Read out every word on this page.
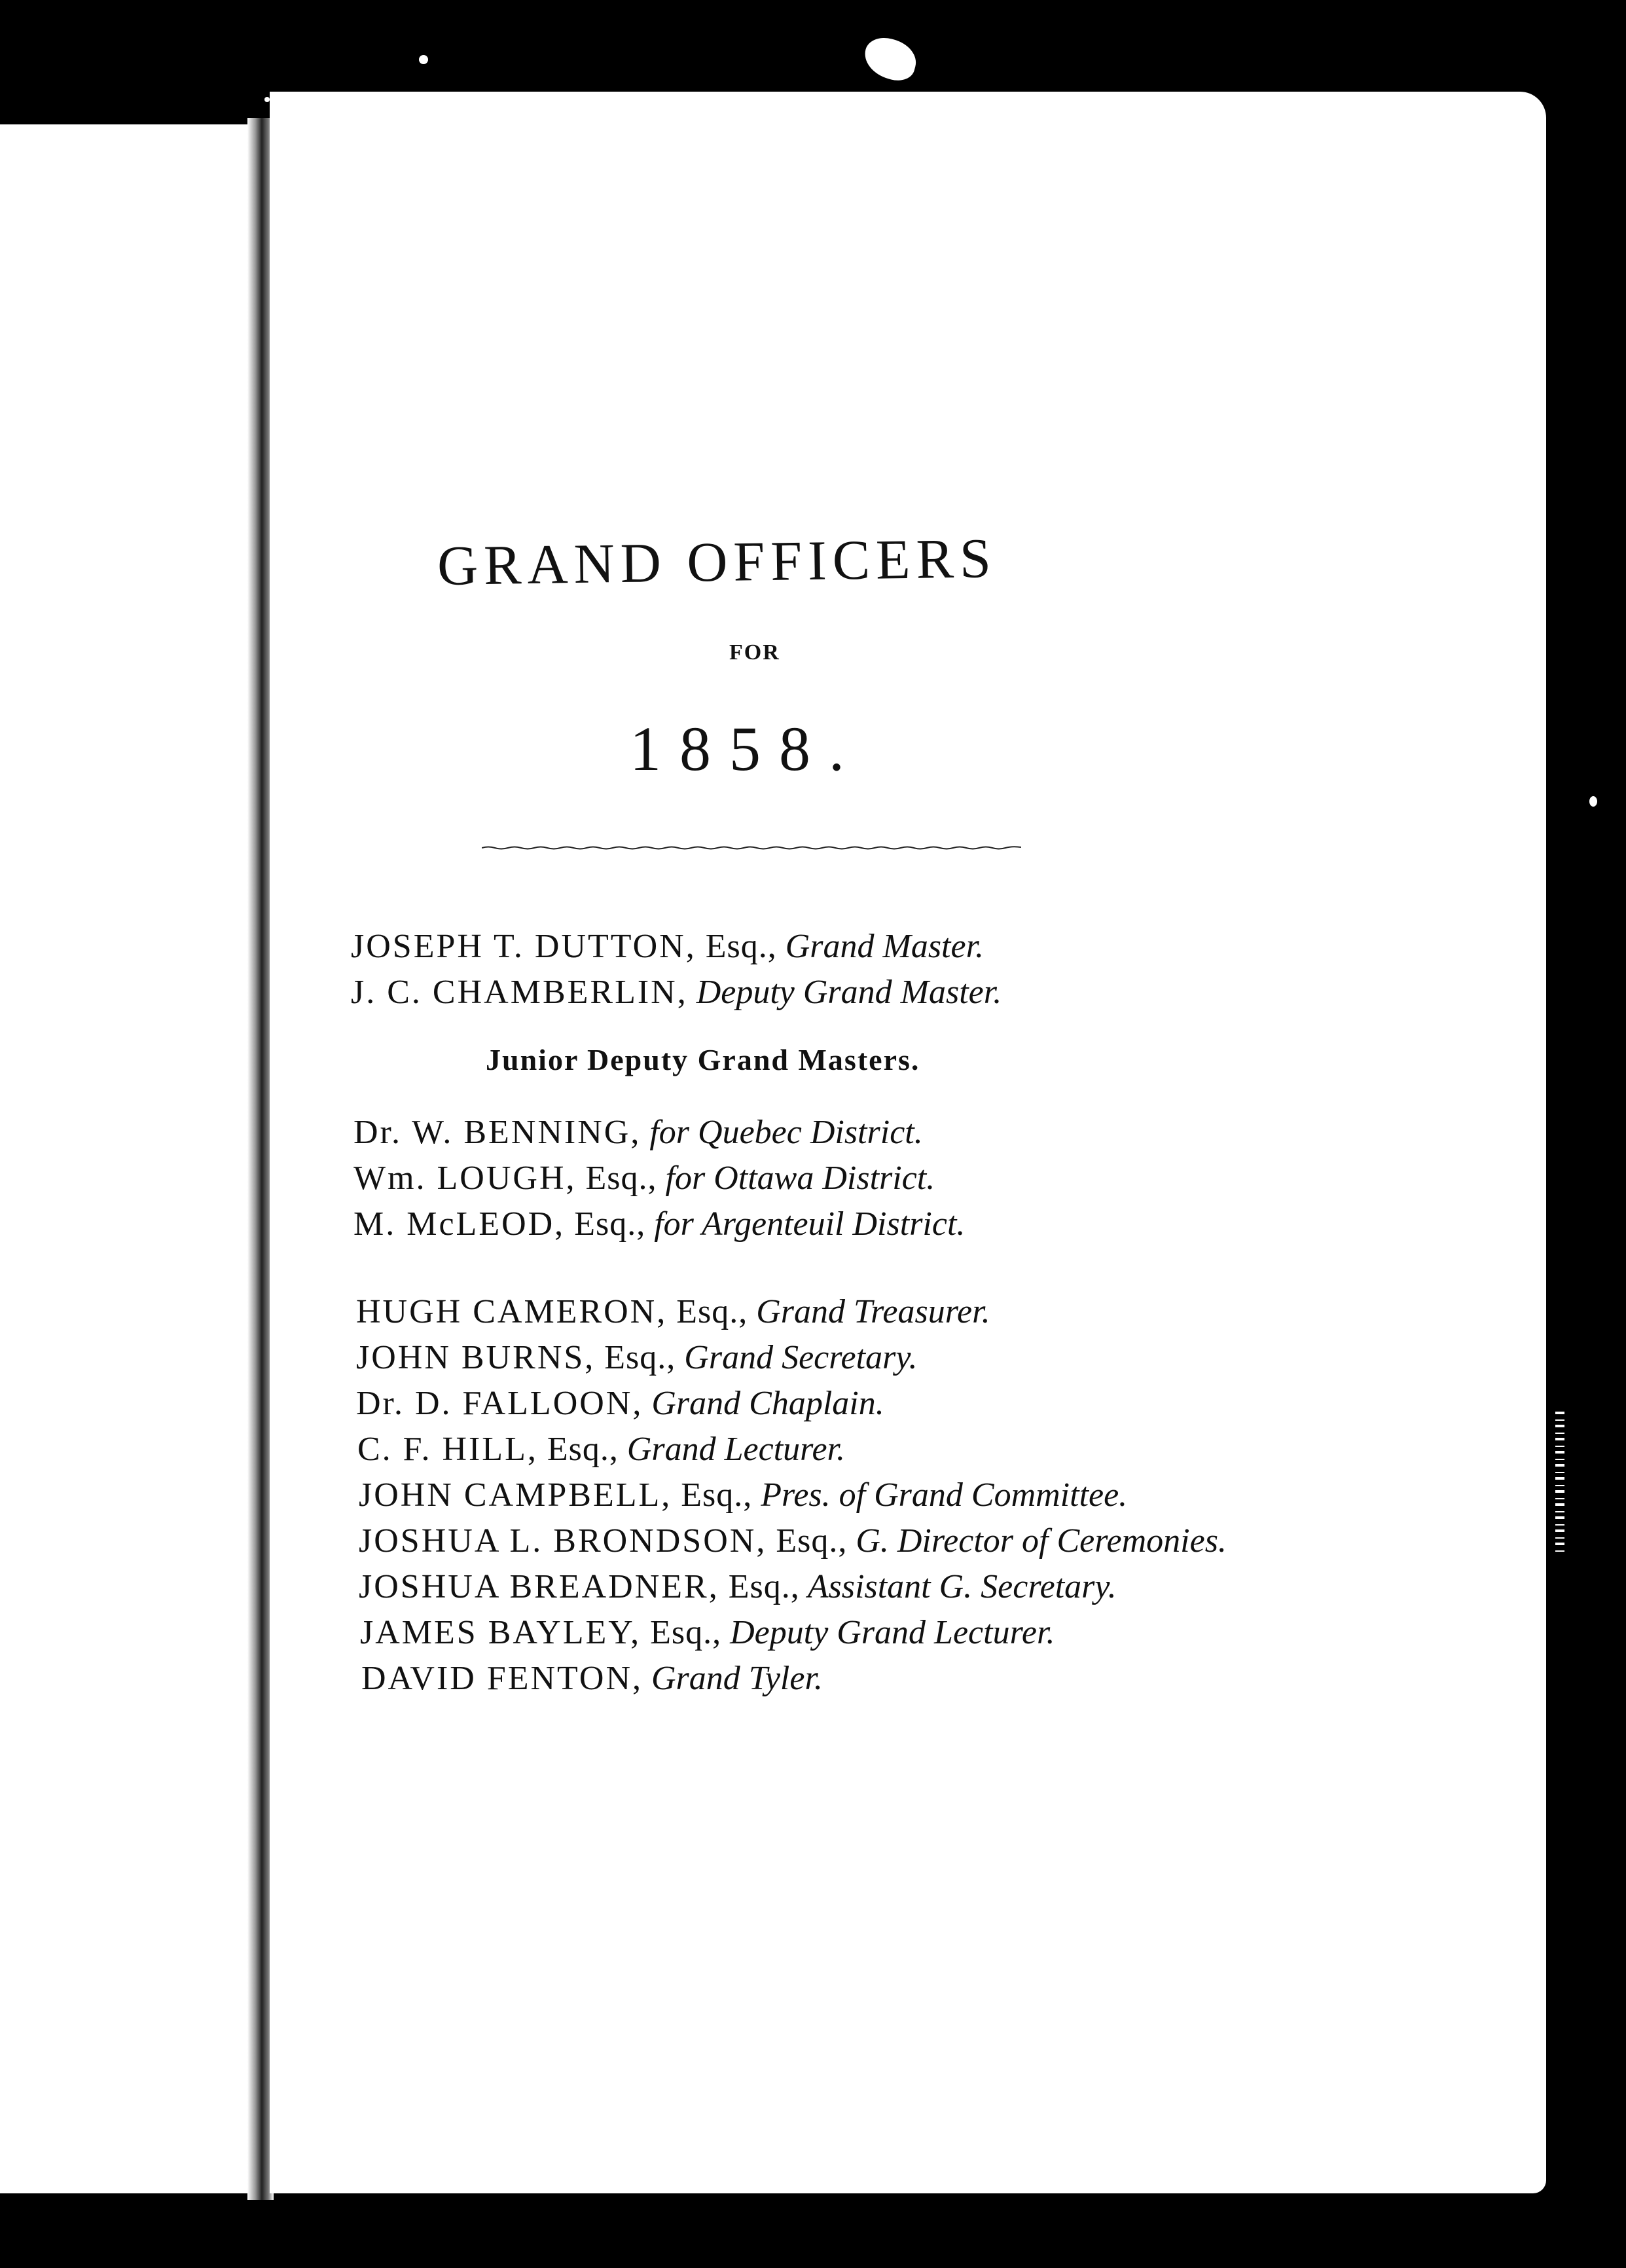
GRAND OFFICERS
FOR
1858.
JOSEPH T. DUTTON, Esq., Grand Master.
J. C. CHAMBERLIN, Deputy Grand Master.
Junior Deputy Grand Masters.
Dr. W. BENNING, for Quebec District.
Wm. LOUGH, Esq., for Ottawa District.
M. McLEOD, Esq., for Argenteuil District.
HUGH CAMERON, Esq., Grand Treasurer.
JOHN BURNS, Esq., Grand Secretary.
Dr. D. FALLOON, Grand Chaplain.
C. F. HILL, Esq., Grand Lecturer.
JOHN CAMPBELL, Esq., Pres. of Grand Committee.
JOSHUA L. BRONDSON, Esq., G. Director of Ceremonies.
JOSHUA BREADNER, Esq., Assistant G. Secretary.
JAMES BAYLEY, Esq., Deputy Grand Lecturer.
DAVID FENTON, Grand Tyler.
